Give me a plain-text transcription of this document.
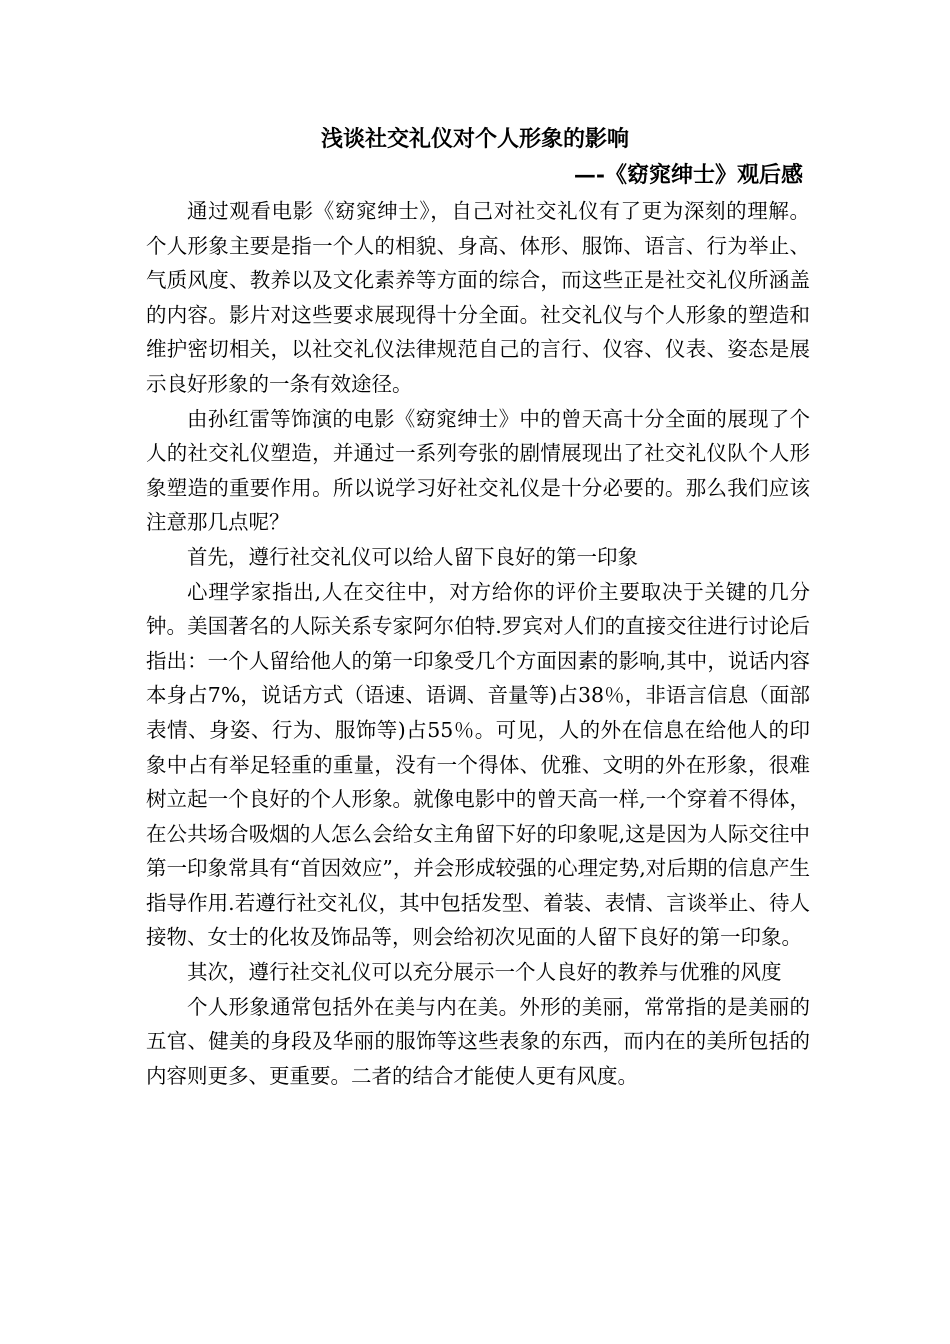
浅谈社交礼仪对个人形象的影响
—-《窈窕绅士》观后感

通过观看电影《窈窕绅士》，自己对社交礼仪有了更为深刻的理解。个人形象主要是指一个人的相貌、身高、体形、服饰、语言、行为举止、气质风度、教养以及文化素养等方面的综合，而这些正是社交礼仪所涵盖的内容。影片对这些要求展现得十分全面。社交礼仪与个人形象的塑造和维护密切相关，以社交礼仪法律规范自己的言行、仪容、仪表、姿态是展示良好形象的一条有效途径。

由孙红雷等饰演的电影《窈窕绅士》中的曾天高十分全面的展现了个人的社交礼仪塑造，并通过一系列夸张的剧情展现出了社交礼仪队个人形象塑造的重要作用。所以说学习好社交礼仪是十分必要的。那么我们应该注意那几点呢？

首先，遵行社交礼仪可以给人留下良好的第一印象

心理学家指出,人在交往中，对方给你的评价主要取决于关键的几分钟。美国著名的人际关系专家阿尔伯特.罗宾对人们的直接交往进行讨论后指出：一个人留给他人的第一印象受几个方面因素的影响,其中，说话内容本身占7%，说话方式（语速、语调、音量等)占38％，非语言信息（面部表情、身姿、行为、服饰等)占55％。可见，人的外在信息在给他人的印象中占有举足轻重的重量，没有一个得体、优雅、文明的外在形象，很难树立起一个良好的个人形象。就像电影中的曾天高一样,一个穿着不得体，在公共场合吸烟的人怎么会给女主角留下好的印象呢,这是因为人际交往中第一印象常具有“首因效应”，并会形成较强的心理定势,对后期的信息产生指导作用.若遵行社交礼仪，其中包括发型、着装、表情、言谈举止、待人接物、女士的化妆及饰品等，则会给初次见面的人留下良好的第一印象。

其次，遵行社交礼仪可以充分展示一个人良好的教养与优雅的风度

个人形象通常包括外在美与内在美。外形的美丽，常常指的是美丽的五官、健美的身段及华丽的服饰等这些表象的东西，而内在的美所包括的内容则更多、更重要。二者的结合才能使人更有风度。
